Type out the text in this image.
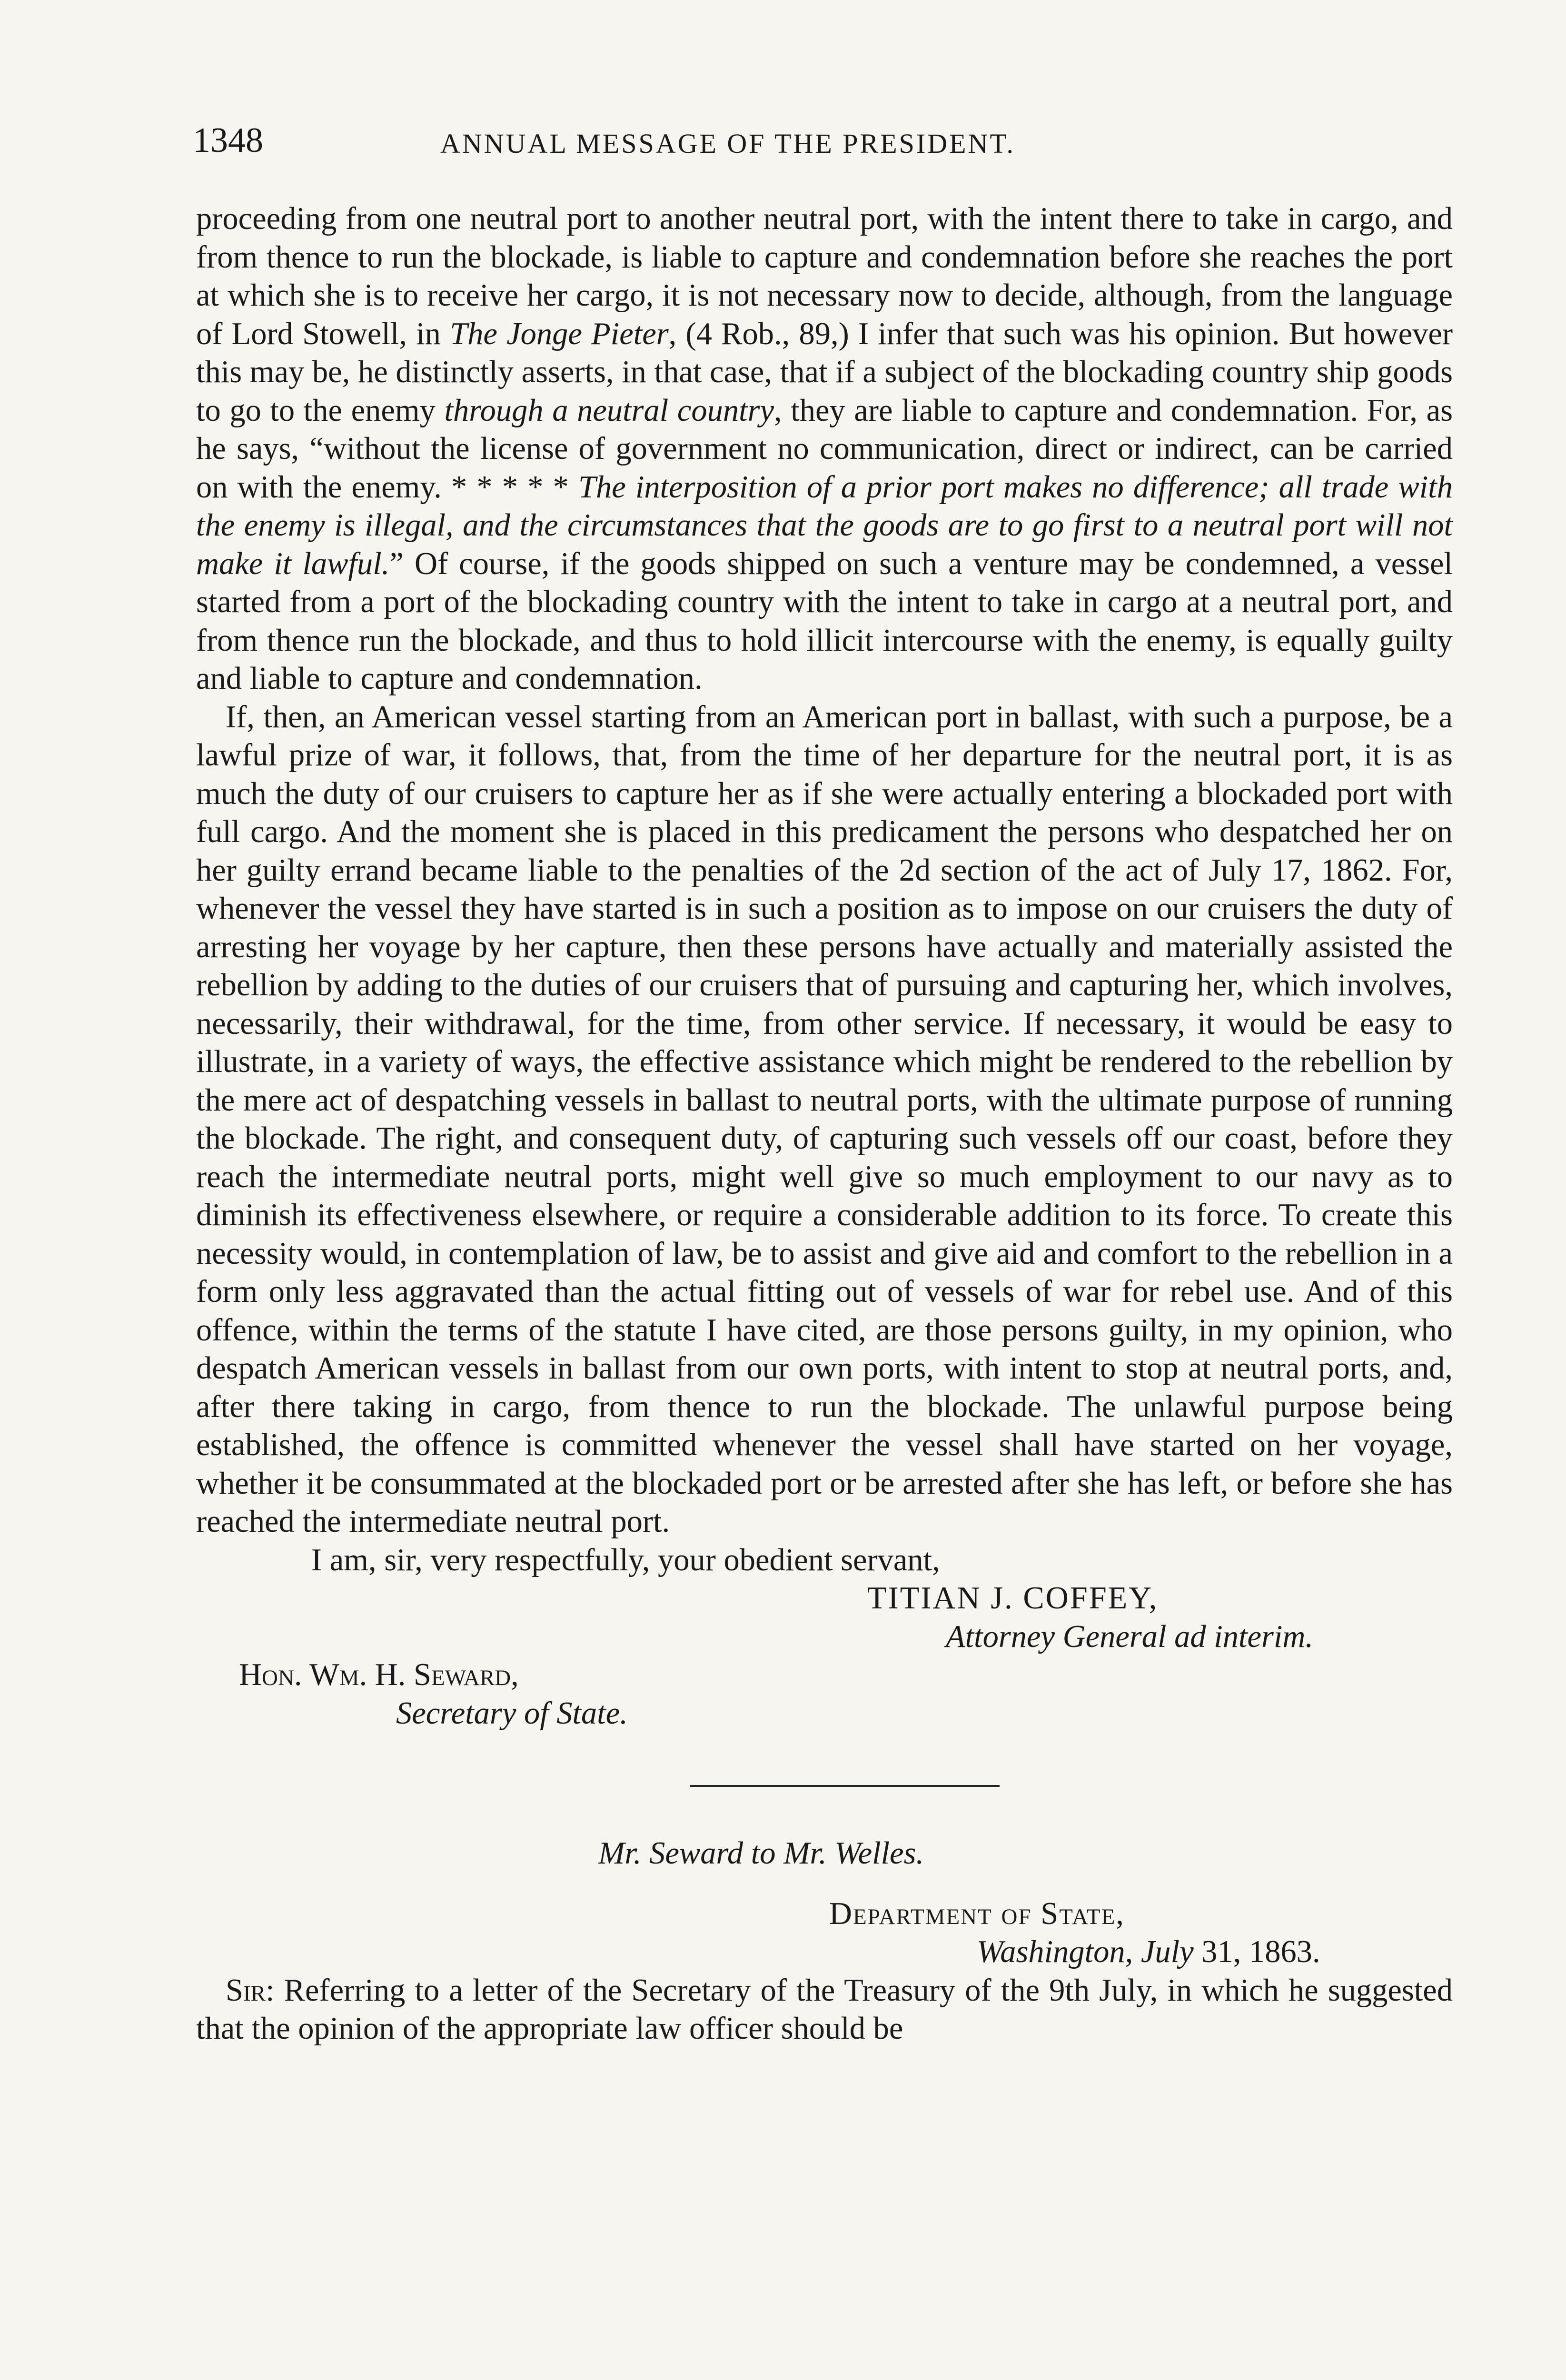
1348	ANNUAL MESSAGE OF THE PRESIDENT.

proceeding from one neutral port to another neutral port, with the intent there to take in cargo, and from thence to run the blockade, is liable to capture and condemnation before she reaches the port at which she is to receive her cargo, it is not necessary now to decide, although, from the language of Lord Stowell, in The Jonge Pieter, (4 Rob., 89,) I infer that such was his opinion. But however this may be, he distinctly asserts, in that case, that if a subject of the blockading country ship goods to go to the enemy through a neutral country, they are liable to capture and condemnation. For, as he says, “without the license of government no communication, direct or indirect, can be carried on with the enemy. * * * * * The interposition of a prior port makes no difference; all trade with the enemy is illegal, and the circumstances that the goods are to go first to a neutral port will not make it lawful.” Of course, if the goods shipped on such a venture may be condemned, a vessel started from a port of the blockading country with the intent to take in cargo at a neutral port, and from thence run the blockade, and thus to hold illicit intercourse with the enemy, is equally guilty and liable to capture and condemnation.

If, then, an American vessel starting from an American port in ballast, with such a purpose, be a lawful prize of war, it follows, that, from the time of her departure for the neutral port, it is as much the duty of our cruisers to capture her as if she were actually entering a blockaded port with full cargo. And the moment she is placed in this predicament the persons who despatched her on her guilty errand became liable to the penalties of the 2d section of the act of July 17, 1862. For, whenever the vessel they have started is in such a position as to impose on our cruisers the duty of arresting her voyage by her capture, then these persons have actually and materially assisted the rebellion by adding to the duties of our cruisers that of pursuing and capturing her, which involves, necessarily, their withdrawal, for the time, from other service. If necessary, it would be easy to illustrate, in a variety of ways, the effective assistance which might be rendered to the rebellion by the mere act of despatching vessels in ballast to neutral ports, with the ultimate purpose of running the blockade. The right, and consequent duty, of capturing such vessels off our coast, before they reach the intermediate neutral ports, might well give so much employment to our navy as to diminish its effectiveness elsewhere, or require a considerable addition to its force. To create this necessity would, in contemplation of law, be to assist and give aid and comfort to the rebellion in a form only less aggravated than the actual fitting out of vessels of war for rebel use. And of this offence, within the terms of the statute I have cited, are those persons guilty, in my opinion, who despatch American vessels in ballast from our own ports, with intent to stop at neutral ports, and, after there taking in cargo, from thence to run the blockade. The unlawful purpose being established, the offence is committed whenever the vessel shall have started on her voyage, whether it be consummated at the blockaded port or be arrested after she has left, or before she has reached the intermediate neutral port.

I am, sir, very respectfully, your obedient servant,

TITIAN J. COFFEY,

Attorney General ad interim.

Hon. Wm. H. Seward,

Secretary of State.

Mr. Seward to Mr. Welles.

Department of State,

Washington, July 31, 1863.

Sir: Referring to a letter of the Secretary of the Treasury of the 9th July, in which he suggested that the opinion of the appropriate law officer should be
